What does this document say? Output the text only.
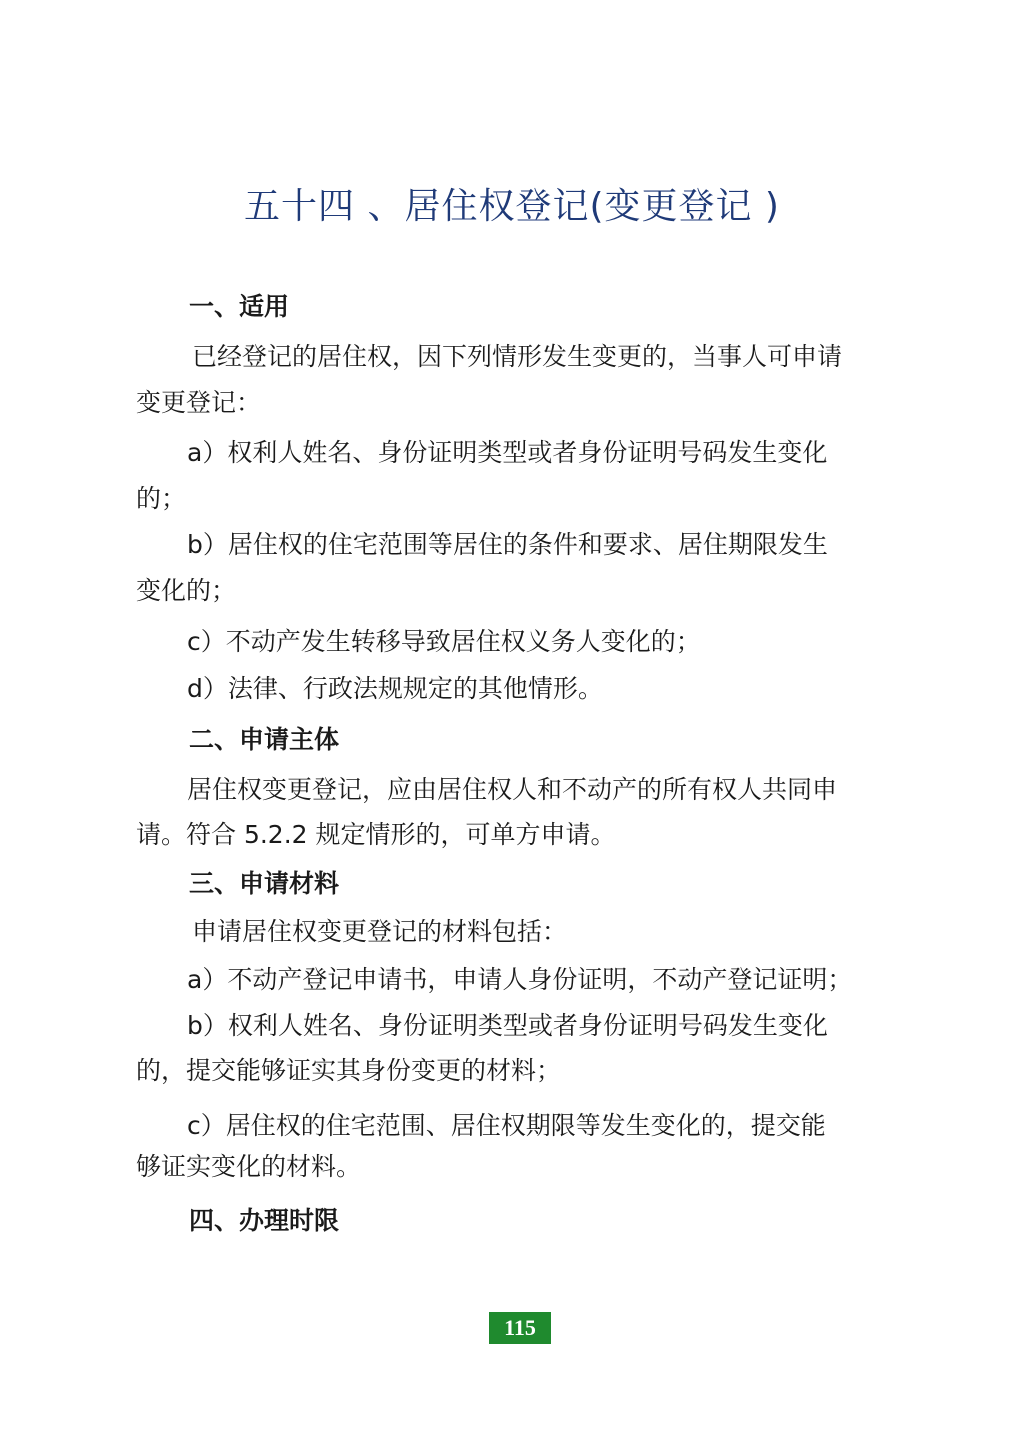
五十四 、居住权登记(变更登记 )
一、适用
已经登记的居住权，因下列情形发生变更的，当事人可申请
变更登记：
a）权利人姓名、身份证明类型或者身份证明号码发生变化
的；
b）居住权的住宅范围等居住的条件和要求、居住期限发生
变化的；
c）不动产发生转移导致居住权义务人变化的；
d）法律、行政法规规定的其他情形。
二、申请主体
居住权变更登记，应由居住权人和不动产的所有权人共同申
请。符合 5.2.2 规定情形的，可单方申请。
三、申请材料
申请居住权变更登记的材料包括：
a）不动产登记申请书，申请人身份证明，不动产登记证明；
b）权利人姓名、身份证明类型或者身份证明号码发生变化
的，提交能够证实其身份变更的材料；
c）居住权的住宅范围、居住权期限等发生变化的，提交能
够证实变化的材料。
四、办理时限
115
